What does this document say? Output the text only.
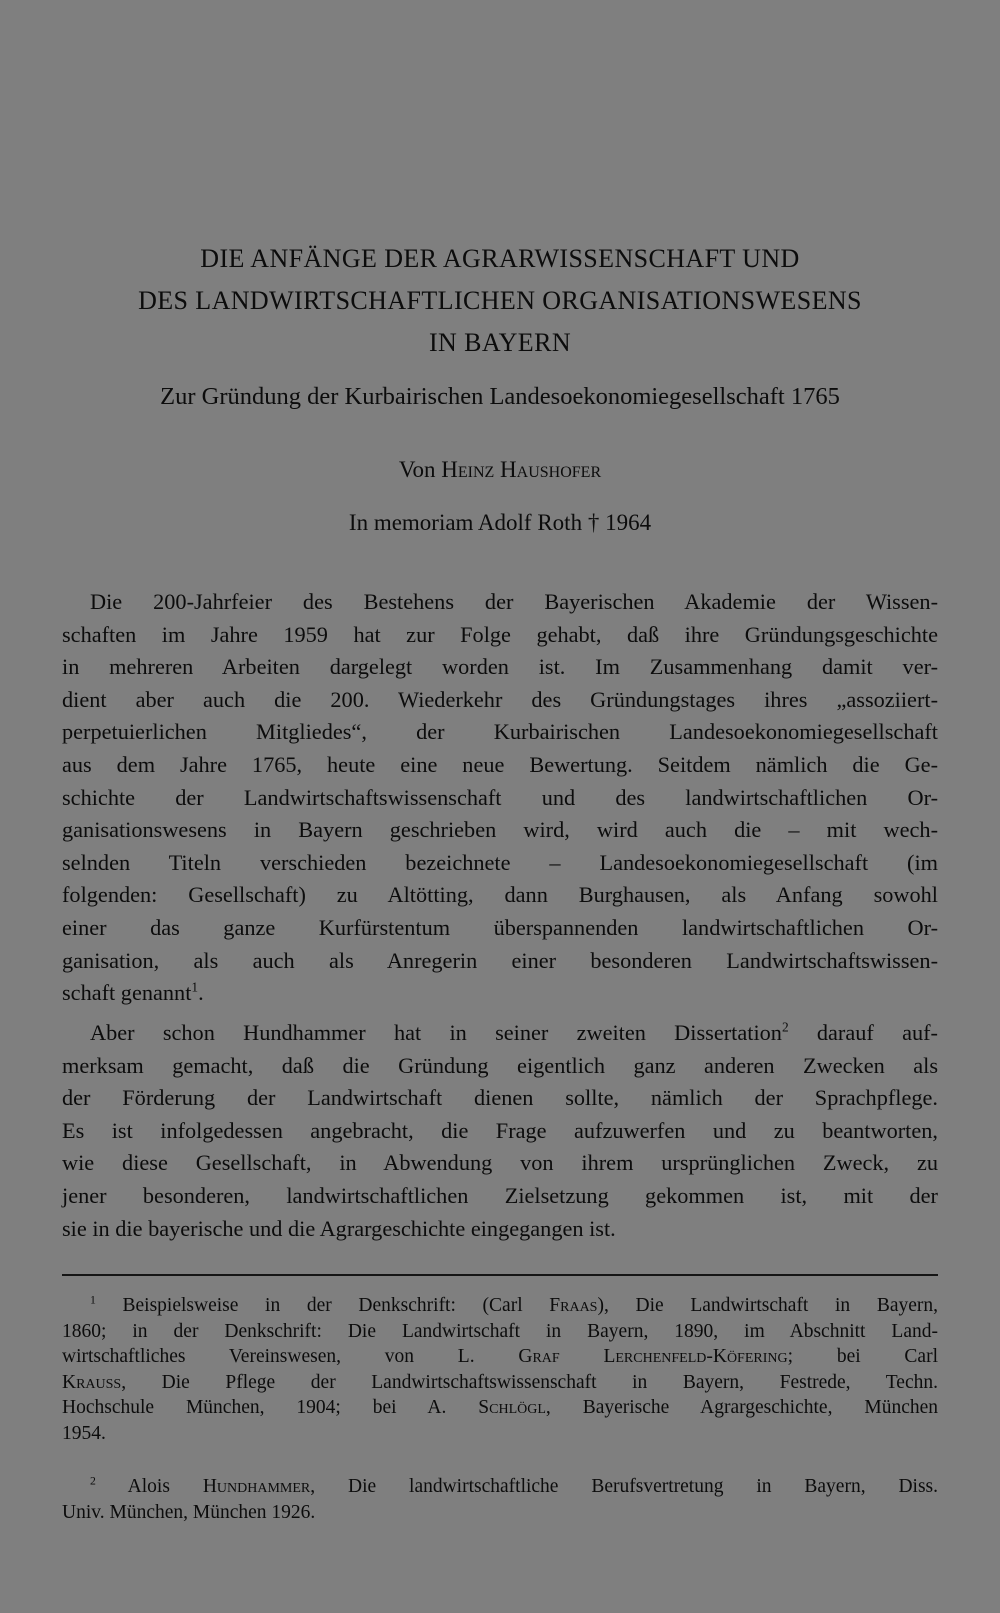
DIE ANFÄNGE DER AGRARWISSENSCHAFT UND
DES LANDWIRTSCHAFTLICHEN ORGANISATIONSWESENS
IN BAYERN
Zur Gründung der Kurbairischen Landesoekonomiegesellschaft 1765
Von Heinz Haushofer
In memoriam Adolf Roth † 1964
Die 200-Jahrfeier des Bestehens der Bayerischen Akademie der Wissen-
schaften im Jahre 1959 hat zur Folge gehabt, daß ihre Gründungsgeschichte
in mehreren Arbeiten dargelegt worden ist. Im Zusammenhang damit ver-
dient aber auch die 200. Wiederkehr des Gründungstages ihres „assoziiert-
perpetuierlichen Mitgliedes“, der Kurbairischen Landesoekonomiegesellschaft
aus dem Jahre 1765, heute eine neue Bewertung. Seitdem nämlich die Ge-
schichte der Landwirtschaftswissenschaft und des landwirtschaftlichen Or-
ganisationswesens in Bayern geschrieben wird, wird auch die – mit wech-
selnden Titeln verschieden bezeichnete – Landesoekonomiegesellschaft (im
folgenden: Gesellschaft) zu Altötting, dann Burghausen, als Anfang sowohl
einer das ganze Kurfürstentum überspannenden landwirtschaftlichen Or-
ganisation, als auch als Anregerin einer besonderen Landwirtschaftswissen-
schaft genannt$^1$.
Aber schon Hundhammer hat in seiner zweiten Dissertation$^2$ darauf auf-
merksam gemacht, daß die Gründung eigentlich ganz anderen Zwecken als
der Förderung der Landwirtschaft dienen sollte, nämlich der Sprachpflege.
Es ist infolgedessen angebracht, die Frage aufzuwerfen und zu beantworten,
wie diese Gesellschaft, in Abwendung von ihrem ursprünglichen Zweck, zu
jener besonderen, landwirtschaftlichen Zielsetzung gekommen ist, mit der
sie in die bayerische und die Agrargeschichte eingegangen ist.
$^1$ Beispielsweise in der Denkschrift: (Carl Fraas), Die Landwirtschaft in Bayern,
1860; in der Denkschrift: Die Landwirtschaft in Bayern, 1890, im Abschnitt Land-
wirtschaftliches Vereinswesen, von L. Graf Lerchenfeld-Köfering; bei Carl
Krauss, Die Pflege der Landwirtschaftswissenschaft in Bayern, Festrede, Techn.
Hochschule München, 1904; bei A. Schlögl, Bayerische Agrargeschichte, München
1954.
$^2$ Alois Hundhammer, Die landwirtschaftliche Berufsvertretung in Bayern, Diss.
Univ. München, München 1926.
